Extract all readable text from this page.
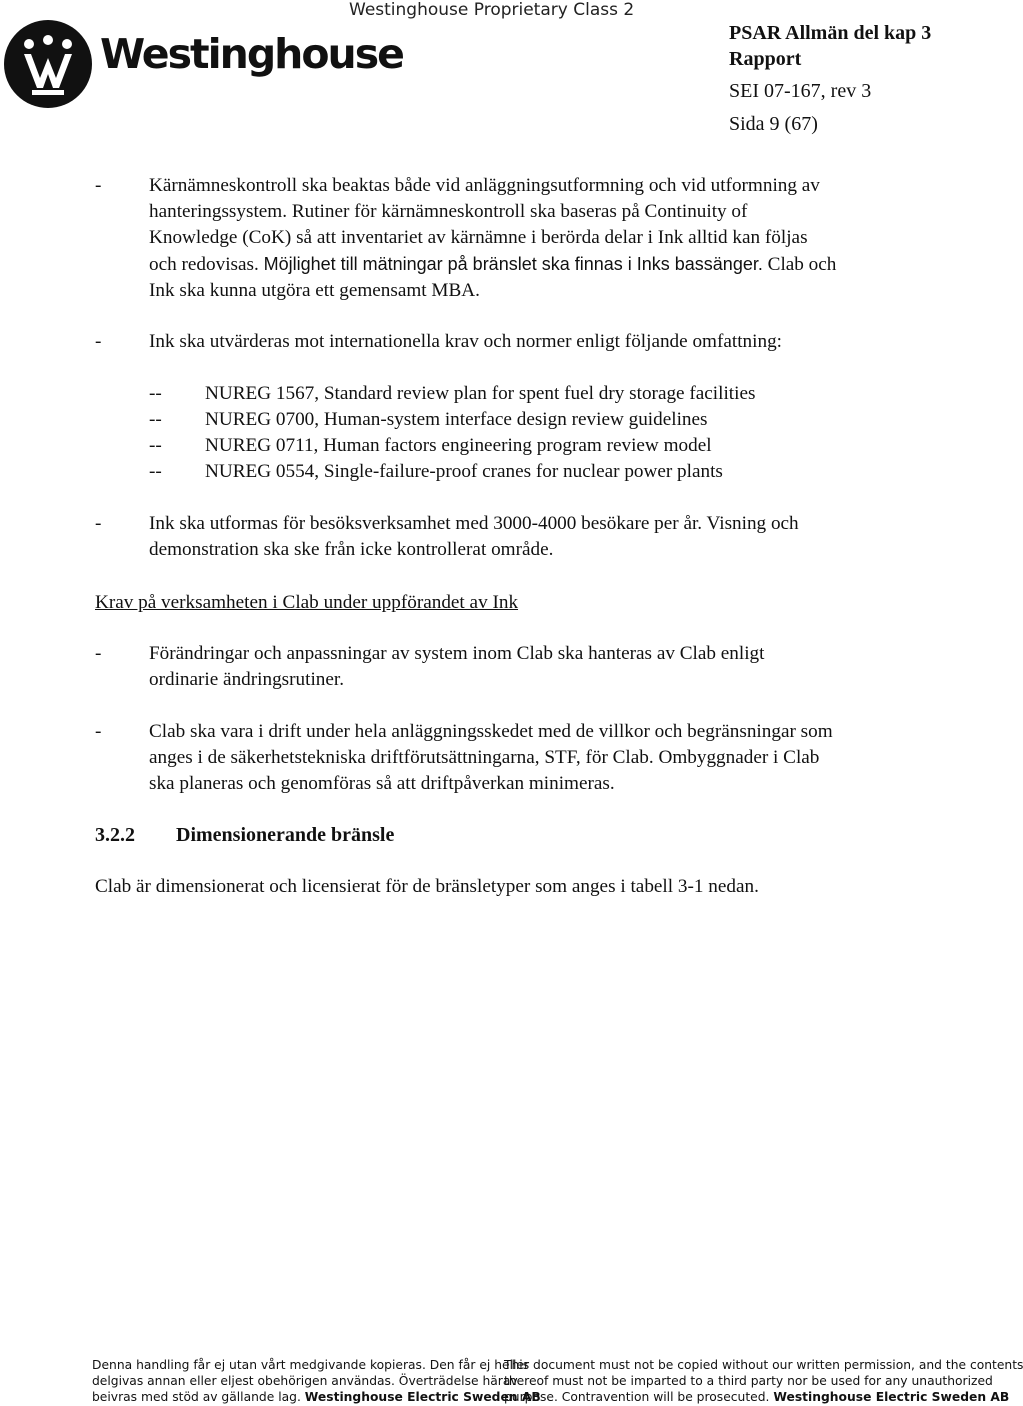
Westinghouse Proprietary Class 2
Westinghouse	PSAR Allmän del kap 3
Rapport
SEI 07-167, rev 3
Sida 9 (67)
-	Kärnämneskontroll ska beaktas både vid anläggningsutformning och vid utformning av
hanteringssystem. Rutiner för kärnämneskontroll ska baseras på Continuity of
Knowledge (CoK) så att inventariet av kärnämne i berörda delar i Ink alltid kan följas
och redovisas. Möjlighet till mätningar på bränslet ska finnas i Inks bassänger. Clab och
Ink ska kunna utgöra ett gemensamt MBA.
-	Ink ska utvärderas mot internationella krav och normer enligt följande omfattning:
-- NUREG 1567, Standard review plan for spent fuel dry storage facilities
-- NUREG 0700, Human-system interface design review guidelines
-- NUREG 0711, Human factors engineering program review model
-- NUREG 0554, Single-failure-proof cranes for nuclear power plants
-	Ink ska utformas för besöksverksamhet med 3000-4000 besökare per år. Visning och
demonstration ska ske från icke kontrollerat område.
Krav på verksamheten i Clab under uppförandet av Ink
-	Förändringar och anpassningar av system inom Clab ska hanteras av Clab enligt
ordinarie ändringsrutiner.
-	Clab ska vara i drift under hela anläggningsskedet med de villkor och begränsningar som
anges i de säkerhetstekniska driftförutsättningarna, STF, för Clab. Ombyggnader i Clab
ska planeras och genomföras så att driftpåverkan minimeras.
3.2.2 Dimensionerande bränsle
Clab är dimensionerat och licensierat för de bränsletyper som anges i tabell 3-1 nedan.
Denna handling får ej utan vårt medgivande kopieras. Den får ej heller
delgivas annan eller eljest obehörigen användas. Överträdelse härav
beivras med stöd av gällande lag. Westinghouse Electric Sweden AB
This document must not be copied without our written permission, and the contents
thereof must not be imparted to a third party nor be used for any unauthorized
purpose. Contravention will be prosecuted. Westinghouse Electric Sweden AB
